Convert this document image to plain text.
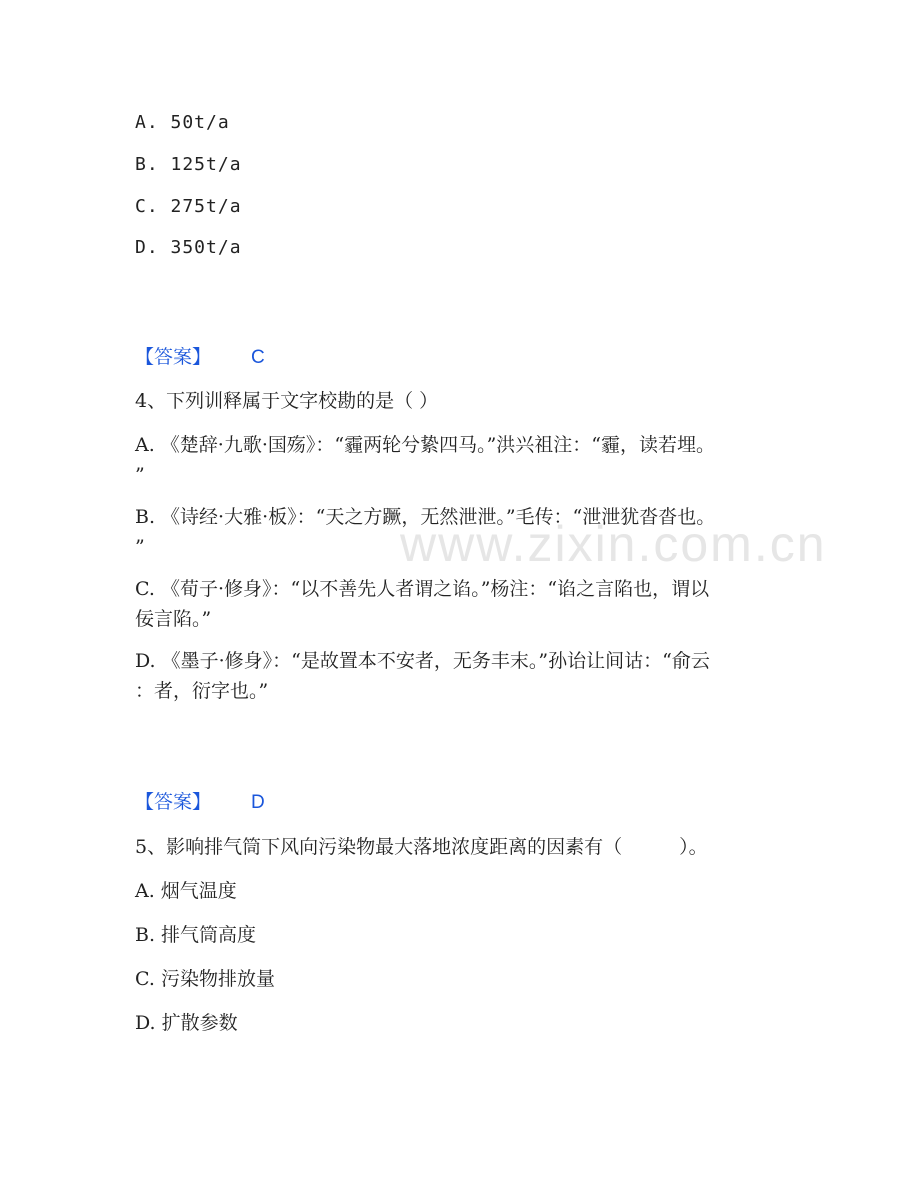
www.zixin.com.cn
A. 50t/a
B. 125t/a
C. 275t/a
D. 350t/a
【答案】 C
4、下列训释属于文字校勘的是（ ）
A. 《楚辞·九歌·国殇》：“霾两轮兮絷四马。”洪兴祖注：“霾，读若埋。
”
B. 《诗经·大雅·板》：“天之方蹶，无然泄泄。”毛传：“泄泄犹沓沓也。
”
C. 《荀子·修身》：“以不善先人者谓之谄。”杨注：“谄之言陷也，谓以
佞言陷。”
D. 《墨子·修身》：“是故置本不安者，无务丰末。”孙诒让间诂：“俞云
：者，衍字也。”
【答案】 D
5、影响排气筒下风向污染物最大落地浓度距离的因素有（　　　）。
A. 烟气温度
B. 排气筒高度
C. 污染物排放量
D. 扩散参数
